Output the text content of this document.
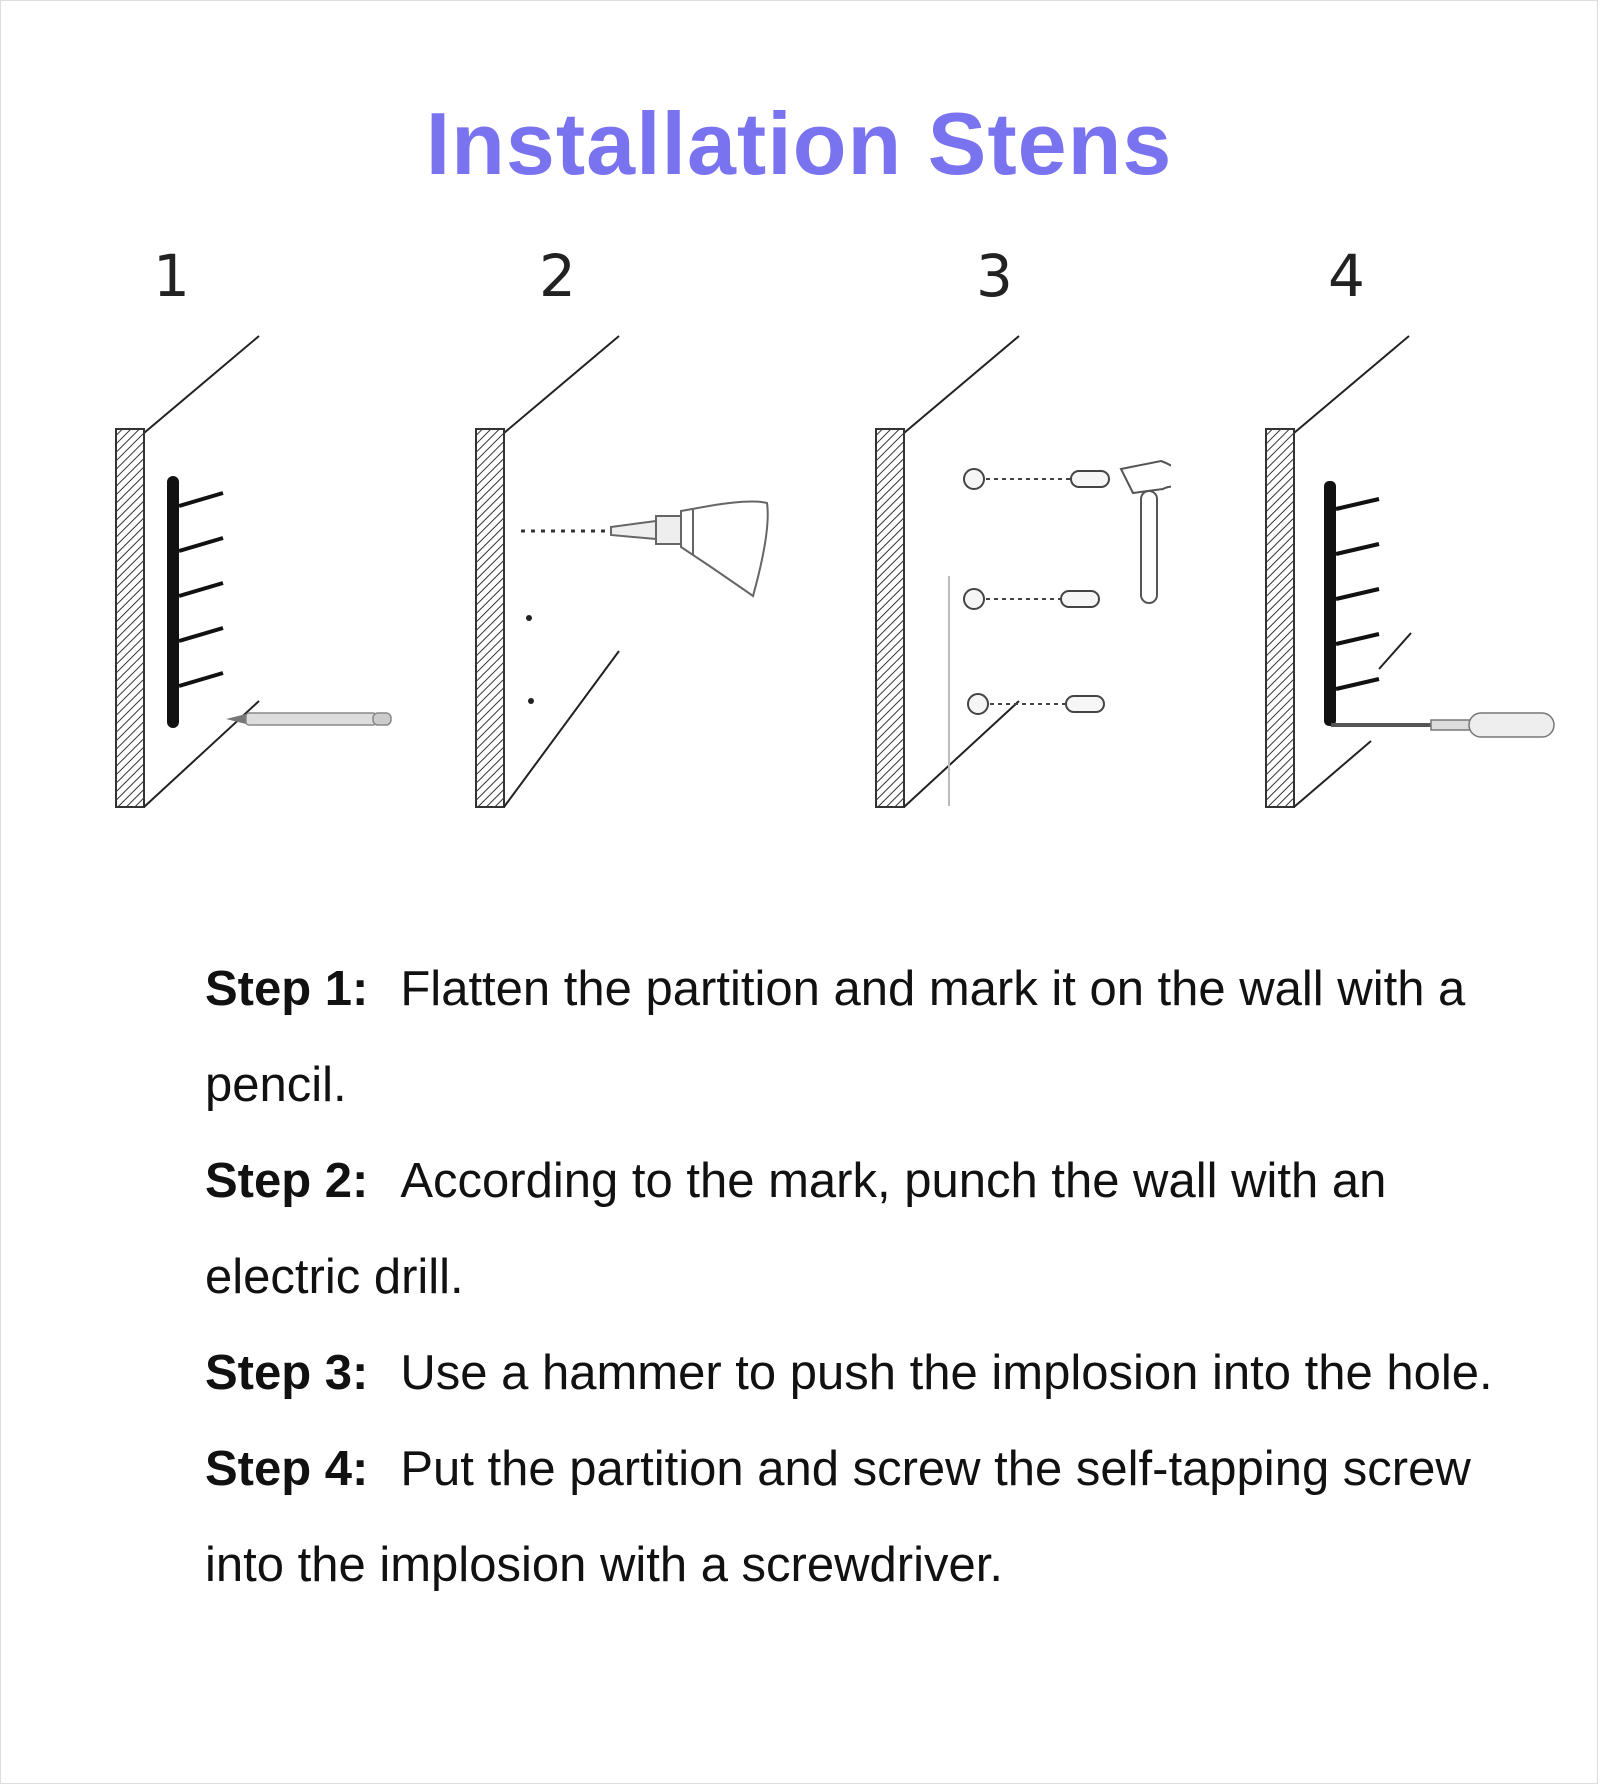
Installation Stens
1	2	3	4

Step 1: Flatten the partition and mark it on the wall with a pencil.

Step 2: According to the mark, punch the wall with an electric drill.

Step 3: Use a hammer to push the implosion into the hole.

Step 4: Put the partition and screw the self-tapping screw into the implosion with a screwdriver.
